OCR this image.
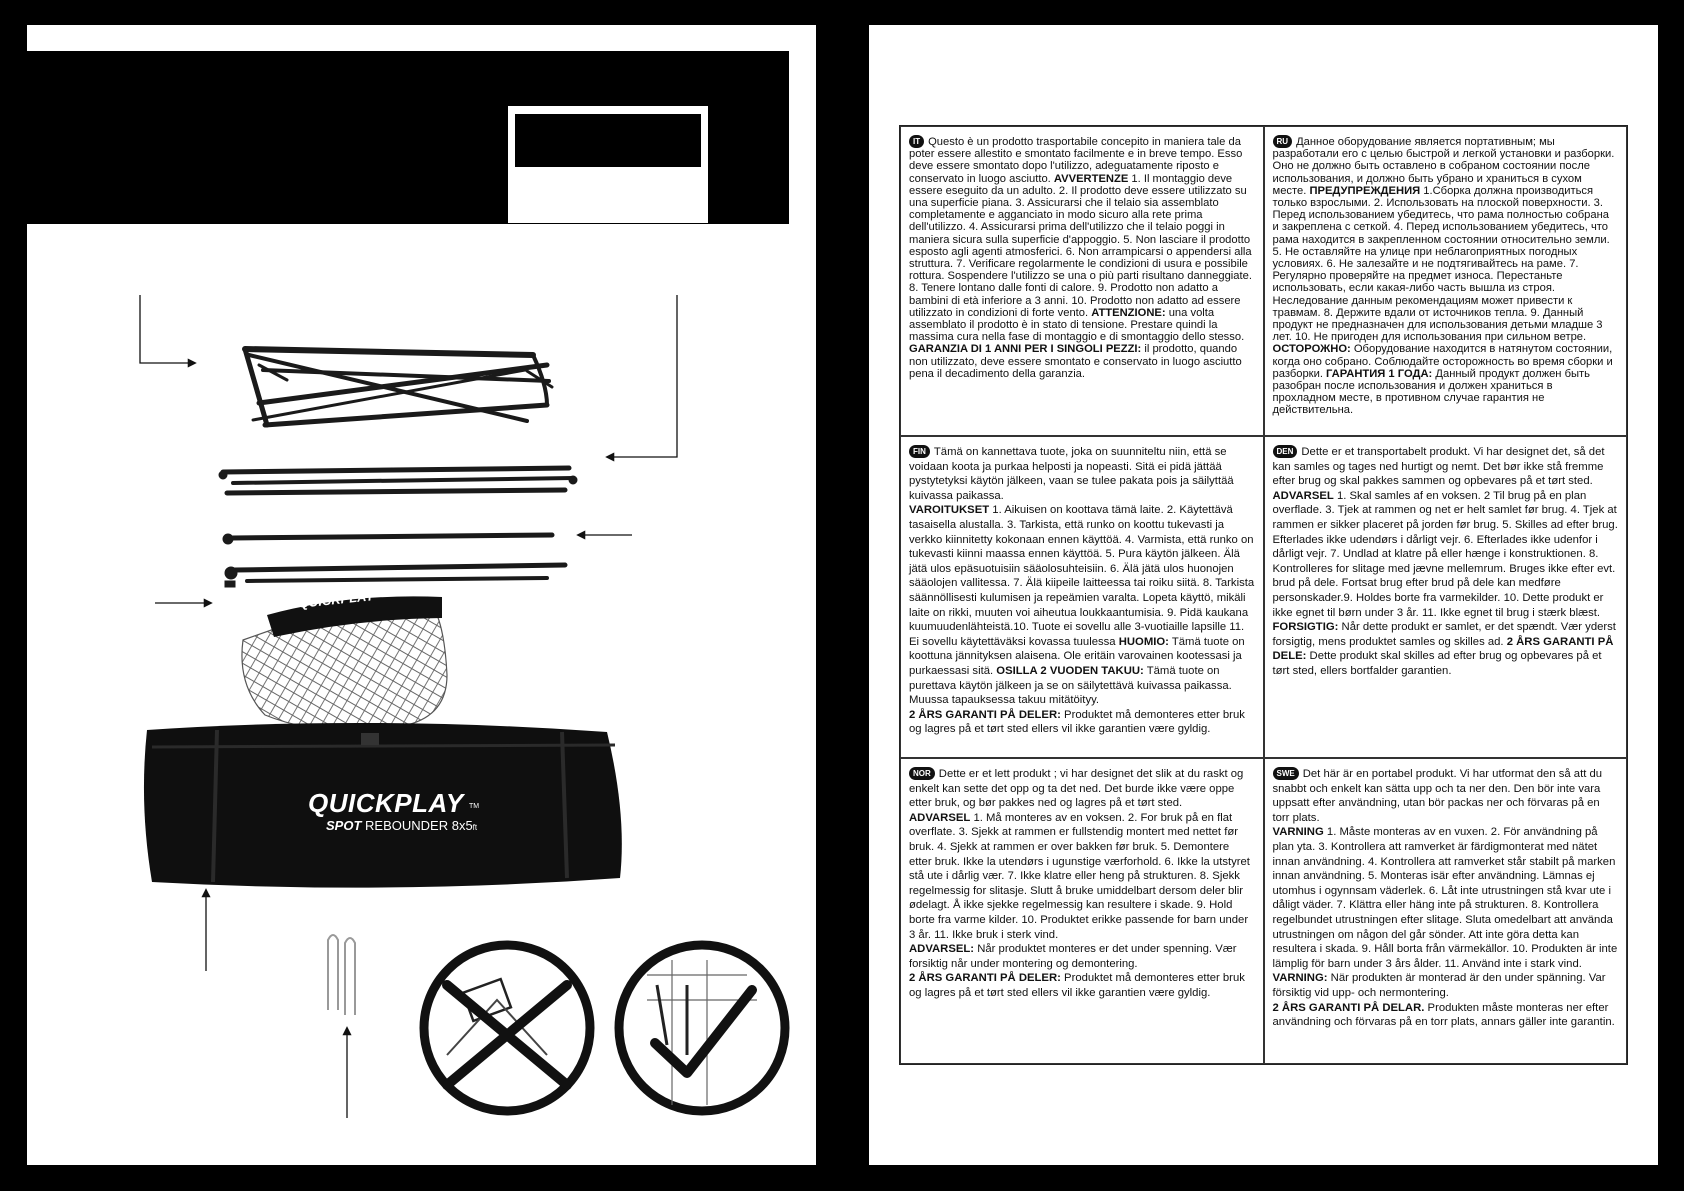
QUICKPLAY
QUICKPLAY TM
SPOT REBOUNDER 8x5ft

IT Questo è un prodotto trasportabile concepito in maniera tale da poter essere allestito e smontato facilmente e in breve tempo. Esso deve essere smontato dopo l'utilizzo, adeguatamente riposto e conservato in luogo asciutto. AVVERTENZE 1. Il montaggio deve essere eseguito da un adulto. 2. Il prodotto deve essere utilizzato su una superficie piana. 3. Assicurarsi che il telaio sia assemblato completamente e agganciato in modo sicuro alla rete prima dell'utilizzo. 4. Assicurarsi prima dell'utilizzo che il telaio poggi in maniera sicura sulla superficie d'appoggio. 5. Non lasciare il prodotto esposto agli agenti atmosferici. 6. Non arrampicarsi o appendersi alla struttura. 7. Verificare regolarmente le condizioni di usura e possibile rottura. Sospendere l'utilizzo se una o più parti risultano danneggiate. 8. Tenere lontano dalle fonti di calore. 9. Prodotto non adatto a bambini di età inferiore a 3 anni. 10. Prodotto non adatto ad essere utilizzato in condizioni di forte vento. ATTENZIONE: una volta assemblato il prodotto è in stato di tensione. Prestare quindi la massima cura nella fase di montaggio e di smontaggio dello stesso.
GARANZIA DI 1 ANNI PER I SINGOLI PEZZI: il prodotto, quando non utilizzato, deve essere smontato e conservato in luogo asciutto pena il decadimento della garanzia.

RU Данное оборудование является портативным; мы разработали его с целью быстрой и легкой установки и разборки. Оно не должно быть оставлено в собраном состоянии после использования, и должно быть убрано и храниться в сухом месте. ПРЕДУПРЕЖДЕНИЯ 1.Сборка должна производиться только взрослыми. 2. Использовать на плоской поверхности. 3. Перед использованием убедитесь, что рама полностью собрана и закреплена с сеткой. 4. Перед использованием убедитесь, что рама находится в закрепленном состоянии относительно земли. 5. Не оставляйте на улице при неблагоприятных погодных условиях. 6. Не залезайте и не подтягивайтесь на раме. 7. Регулярно проверяйте на предмет износа. Перестаньте использовать, если какая-либо часть вышла из строя. Неследование данным рекомендациям может привести к травмам. 8. Держите вдали от источников тепла. 9. Данный продукт не предназначен для использования детьми младше 3 лет. 10. Не пригоден для использования при сильном ветре. ОСТОРОЖНО: Оборудование находится в натянутом состоянии, когда оно собрано. Соблюдайте осторожность во время сборки и разборки. ГАРАНТИЯ 1 ГОДА: Данный продукт должен быть разобран после использования и должен храниться в прохладном месте, в противном случае гарантия не действительна.

FIN Tämä on kannettava tuote, joka on suunniteltu niin, että se voidaan koota ja purkaa helposti ja nopeasti. Sitä ei pidä jättää pystytetyksi käytön jälkeen, vaan se tulee pakata pois ja säilyttää kuivassa paikassa.
VAROITUKSET 1. Aikuisen on koottava tämä laite. 2. Käytettävä tasaisella alustalla. 3. Tarkista, että runko on koottu tukevasti ja verkko kiinnitetty kokonaan ennen käyttöä. 4. Varmista, että runko on tukevasti kiinni maassa ennen käyttöä. 5. Pura käytön jälkeen. Älä jätä ulos epäsuotuisiin sääolosuhteisiin. 6. Älä jätä ulos huonojen sääolojen vallitessa. 7. Älä kiipeile laitteessa tai roiku siitä. 8. Tarkista säännöllisesti kulumisen ja repeämien varalta. Lopeta käyttö, mikäli laite on rikki, muuten voi aiheutua loukkaantumisia. 9. Pidä kaukana kuumuudenlähteistä.10. Tuote ei sovellu alle 3-vuotiaille lapsille 11. Ei sovellu käytettäväksi kovassa tuulessa HUOMIO: Tämä tuote on koottuna jännityksen alaisena. Ole eritäin varovainen kootessasi ja purkaessasi sitä. OSILLA 2 VUODEN TAKUU: Tämä tuote on purettava käytön jälkeen ja se on säilytettävä kuivassa paikassa. Muussa tapauksessa takuu mitätöityy.
2 ÅRS GARANTI PÅ DELER: Produktet må demonteres etter bruk og lagres på et tørt sted ellers vil ikke garantien være gyldig.

DEN Dette er et transportabelt produkt. Vi har designet det, så det kan samles og tages ned hurtigt og nemt. Det bør ikke stå fremme efter brug og skal pakkes sammen og opbevares på et tørt sted.
ADVARSEL 1. Skal samles af en voksen. 2 Til brug på en plan overflade. 3. Tjek at rammen og net er helt samlet før brug. 4. Tjek at rammen er sikker placeret på jorden før brug. 5. Skilles ad efter brug. Efterlades ikke udendørs i dårligt vejr. 6. Efterlades ikke udenfor i dårligt vejr. 7. Undlad at klatre på eller hænge i konstruktionen. 8. Kontrolleres for slitage med jævne mellemrum. Bruges ikke efter evt. brud på dele. Fortsat brug efter brud på dele kan medføre personskader.9. Holdes borte fra varmekilder. 10. Dette produkt er ikke egnet til børn under 3 år. 11. Ikke egnet til brug i stærk blæst. FORSIGTIG: Når dette produkt er samlet, er det spændt. Vær yderst forsigtig, mens produktet samles og skilles ad. 2 ÅRS GARANTI PÅ DELE: Dette produkt skal skilles ad efter brug og opbevares på et tørt sted, ellers bortfalder garantien.

NOR Dette er et lett produkt ; vi har designet det slik at du raskt og enkelt kan sette det opp og ta det ned. Det burde ikke være oppe etter bruk, og bør pakkes ned og lagres på et tørt sted.
ADVARSEL 1. Må monteres av en voksen. 2. For bruk på en flat overflate. 3. Sjekk at rammen er fullstendig montert med nettet før bruk. 4. Sjekk at rammen er over bakken før bruk. 5. Demontere etter bruk. Ikke la utendørs i ugunstige værforhold. 6. Ikke la utstyret stå ute i dårlig vær. 7. Ikke klatre eller heng på strukturen. 8. Sjekk regelmessig for slitasje. Slutt å bruke umiddelbart dersom deler blir ødelagt. Å ikke sjekke regelmessig kan resultere i skade. 9. Hold borte fra varme kilder. 10. Produktet erikke passende for barn under 3 år. 11. Ikke bruk i sterk vind.
ADVARSEL: Når produktet monteres er det under spenning. Vær forsiktig når under montering og demontering.
2 ÅRS GARANTI PÅ DELER: Produktet må demonteres etter bruk og lagres på et tørt sted ellers vil ikke garantien være gyldig.

SWE Det här är en portabel produkt. Vi har utformat den så att du snabbt och enkelt kan sätta upp och ta ner den. Den bör inte vara uppsatt efter användning, utan bör packas ner och förvaras på en torr plats.
VARNING 1. Måste monteras av en vuxen. 2. För användning på plan yta. 3. Kontrollera att ramverket är färdigmonterat med nätet innan användning. 4. Kontrollera att ramverket står stabilt på marken innan användning. 5. Monteras isär efter användning. Lämnas ej utomhus i ogynnsam väderlek. 6. Låt inte utrustningen stå kvar ute i dåligt väder. 7. Klättra eller häng inte på strukturen. 8. Kontrollera regelbundet utrustningen efter slitage. Sluta omedelbart att använda utrustningen om någon del går sönder. Att inte göra detta kan resultera i skada. 9. Håll borta från värmekällor. 10. Produkten är inte lämplig för barn under 3 års ålder. 11. Använd inte i stark vind. VARNING: När produkten är monterad är den under spänning. Var försiktig vid upp- och nermontering.
2 ÅRS GARANTI PÅ DELAR. Produkten måste monteras ner efter användning och förvaras på en torr plats, annars gäller inte garantin.
